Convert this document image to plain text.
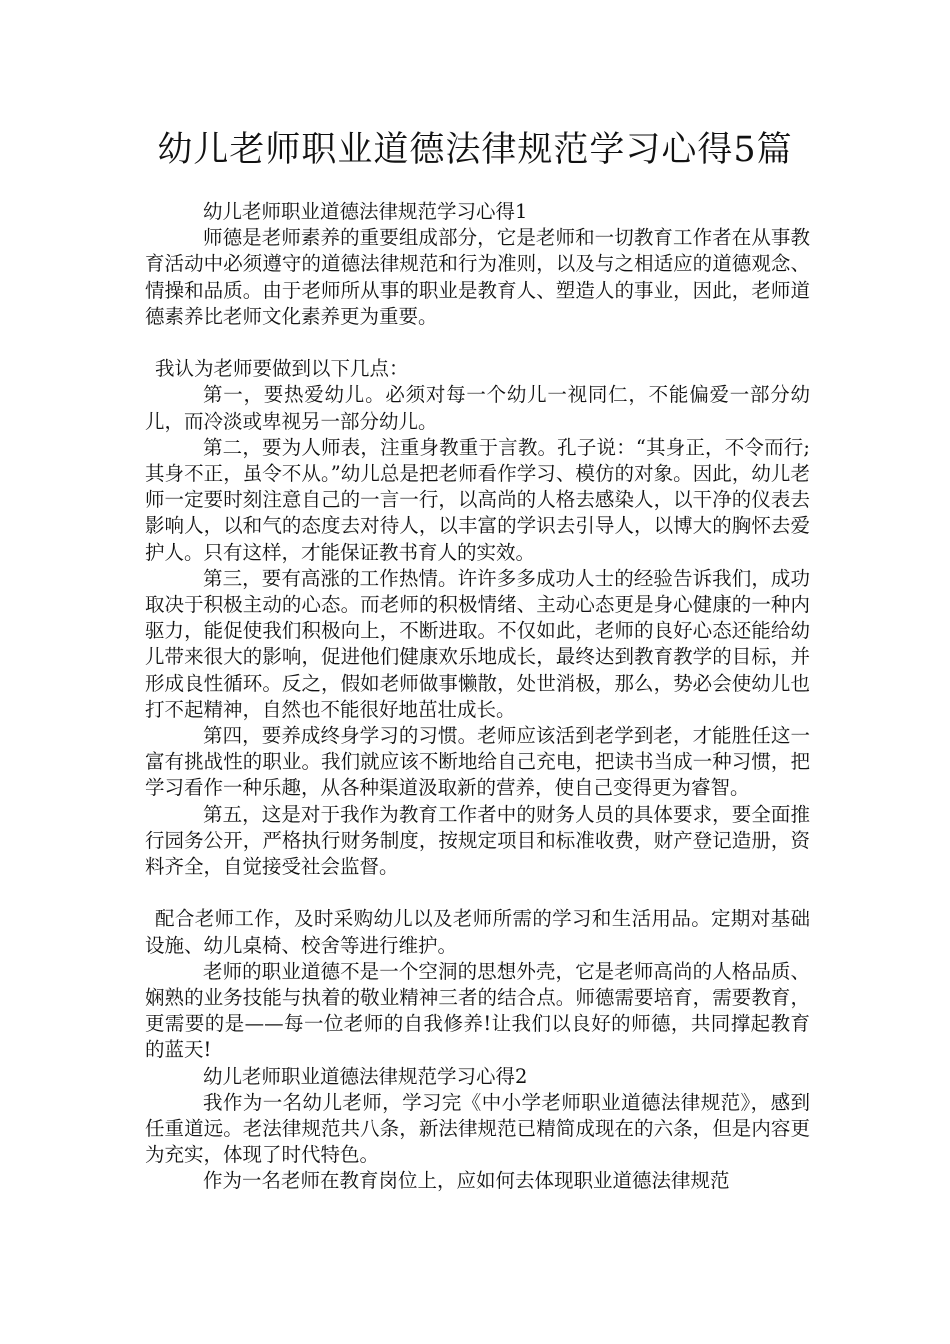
幼儿老师职业道德法律规范学习心得5篇

幼儿老师职业道德法律规范学习心得1

师德是老师素养的重要组成部分，它是老师和一切教育工作者在从事教育活动中必须遵守的道德法律规范和行为准则，以及与之相适应的道德观念、情操和品质。由于老师所从事的职业是教育人、塑造人的事业，因此，老师道德素养比老师文化素养更为重要。

我认为老师要做到以下几点：

第一，要热爱幼儿。必须对每一个幼儿一视同仁，不能偏爱一部分幼儿，而冷淡或卑视另一部分幼儿。

第二，要为人师表，注重身教重于言教。孔子说：“其身正，不令而行;其身不正，虽令不从。”幼儿总是把老师看作学习、模仿的对象。因此，幼儿老师一定要时刻注意自己的一言一行，以高尚的人格去感染人，以干净的仪表去影响人，以和气的态度去对待人，以丰富的学识去引导人，以博大的胸怀去爱护人。只有这样，才能保证教书育人的实效。

第三，要有高涨的工作热情。许许多多成功人士的经验告诉我们，成功取决于积极主动的心态。而老师的积极情绪、主动心态更是身心健康的一种内驱力，能促使我们积极向上，不断进取。不仅如此，老师的良好心态还能给幼儿带来很大的影响，促进他们健康欢乐地成长，最终达到教育教学的目标，并形成良性循环。反之，假如老师做事懒散，处世消极，那么，势必会使幼儿也打不起精神，自然也不能很好地茁壮成长。

第四，要养成终身学习的习惯。老师应该活到老学到老，才能胜任这一富有挑战性的职业。我们就应该不断地给自己充电，把读书当成一种习惯，把学习看作一种乐趣，从各种渠道汲取新的营养，使自己变得更为睿智。

第五，这是对于我作为教育工作者中的财务人员的具体要求，要全面推行园务公开，严格执行财务制度，按规定项目和标准收费，财产登记造册，资料齐全，自觉接受社会监督。

配合老师工作，及时采购幼儿以及老师所需的学习和生活用品。定期对基础设施、幼儿桌椅、校舍等进行维护。

老师的职业道德不是一个空洞的思想外壳，它是老师高尚的人格品质、娴熟的业务技能与执着的敬业精神三者的结合点。师德需要培育，需要教育，更需要的是——每一位老师的自我修养!让我们以良好的师德，共同撑起教育的蓝天!

幼儿老师职业道德法律规范学习心得2

我作为一名幼儿老师，学习完《中小学老师职业道德法律规范》，感到任重道远。老法律规范共八条，新法律规范已精简成现在的六条，但是内容更为充实，体现了时代特色。

作为一名老师在教育岗位上，应如何去体现职业道德法律规范
